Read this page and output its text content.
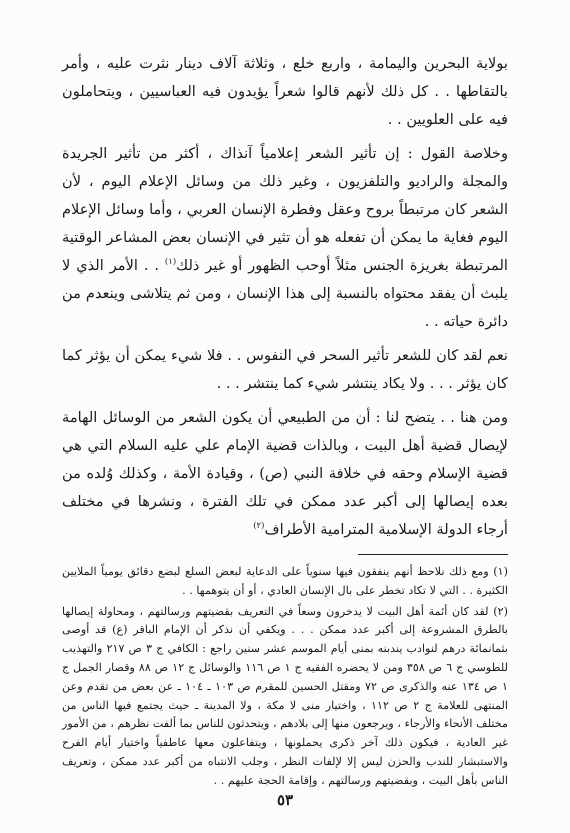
بولاية البحرين واليمامة ، واربع خلع ، وثلاثة آلاف دينار نثرت عليه ، وأمر بالتقاطها . . كل ذلك لأنهم قالوا شعراً يؤيدون فيه العباسيين ، ويتحاملون فيه على العلويين . .

وخلاصة القول : إن تأثير الشعر إعلامياً آنذاك ، أكثر من تأثير الجريدة والمجلة والراديو والتلفزيون ، وغير ذلك من وسائل الإعلام اليوم ، لأن الشعر كان مرتبطاً بروح وعقل وفطرة الإنسان العربي ، وأما وسائل الإعلام اليوم فغاية ما يمكن أن تفعله هو أن تثير في الإنسان بعض المشاعر الوقتية المرتبطة بغريزة الجنس مثلاً أوحب الظهور أو غير ذلك$^{(١)}$ . . الأمر الذي لا يلبث أن يفقد محتواه بالنسبة إلى هذا الإنسان ، ومن ثم يتلاشى وينعدم من دائرة حياته . .

نعم لقد كان للشعر تأثير السحر في النفوس . . فلا شيء يمكن أن يؤثر كما كان يؤثر . . . ولا يكاد ينتشر شيء كما ينتشر . . .

ومن هنا . . يتضح لنا : أن من الطبيعي أن يكون الشعر من الوسائل الهامة لإيصال قضية أهل البيت ، وبالذات قضية الإمام علي عليه السلام التي هي قضية الإسلام وحقه في خلافة النبي (ص) ، وقيادة الأمة ، وكذلك وُلده من بعده إيصالها إلى أكبر عدد ممكن في تلك الفترة ، ونشرها في مختلف أرجاء الدولة الإسلامية المترامية الأطراف$^{(٢)}$

(١) ومع ذلك نلاحظ أنهم ينفقون فيها سنوياً على الدعاية لبعض السلع لبضع دقائق يومياً الملايين الكثيرة . . التي لا تكاد تخطر على بال الإنسان العادي ، أو أن يتوهمها . .

(٢) لقد كان أئمة أهل البيت لا يدخرون وسعاً في التعريف بقضيتهم ورسالتهم ، ومحاولة إيصالها بالطرق المشروعة إلى أكبر عدد ممكن . . . ويكفي أن نذكر أن الإمام الباقر (ع) قد أوصى بثمانمائة درهم لنوادب يندبنه بمنى أيام الموسم عشر سنين راجع : الكافي ج ٣ ص ٢١٧ والتهذيب للطوسي ج ٦ ص ٣٥٨ ومن لا يحضره الفقيه ج ١ ص ١١٦ والوسائل ج ١٢ ص ٨٨ وقصار الجمل ج ١ ص ١٣٤ عنه والذكرى ص ٧٢ ومقتل الحسين للمقرم ص ١٠٣ ـ ١٠٤ ـ عن بعض من تقدم وعن المنتهى للعلامة ج ٢ ص ١١٢ ، واختيار منى لا مكة ، ولا المدينة ـ حيث يجتمع فيها الناس من مختلف الأنحاء والأرجاء ، ويرجعون منها إلى بلادهم ، ويتحدثون للناس بما ألفت نظرهم ، من الأمور غير العادية ، فيكون ذلك آخر ذكرى يحملونها ، ويتفاعلون معها عاطفياً واختيار أيام الفرح والاستبشار للندب والحزن ليس إلا لإلفات النظر ، وجلب الانتباه من أكبر عدد ممكن ، وتعريف الناس بأهل البيت ، وبقضيتهم ورسالتهم ، وإقامة الحجة عليهم . .

٥٣
